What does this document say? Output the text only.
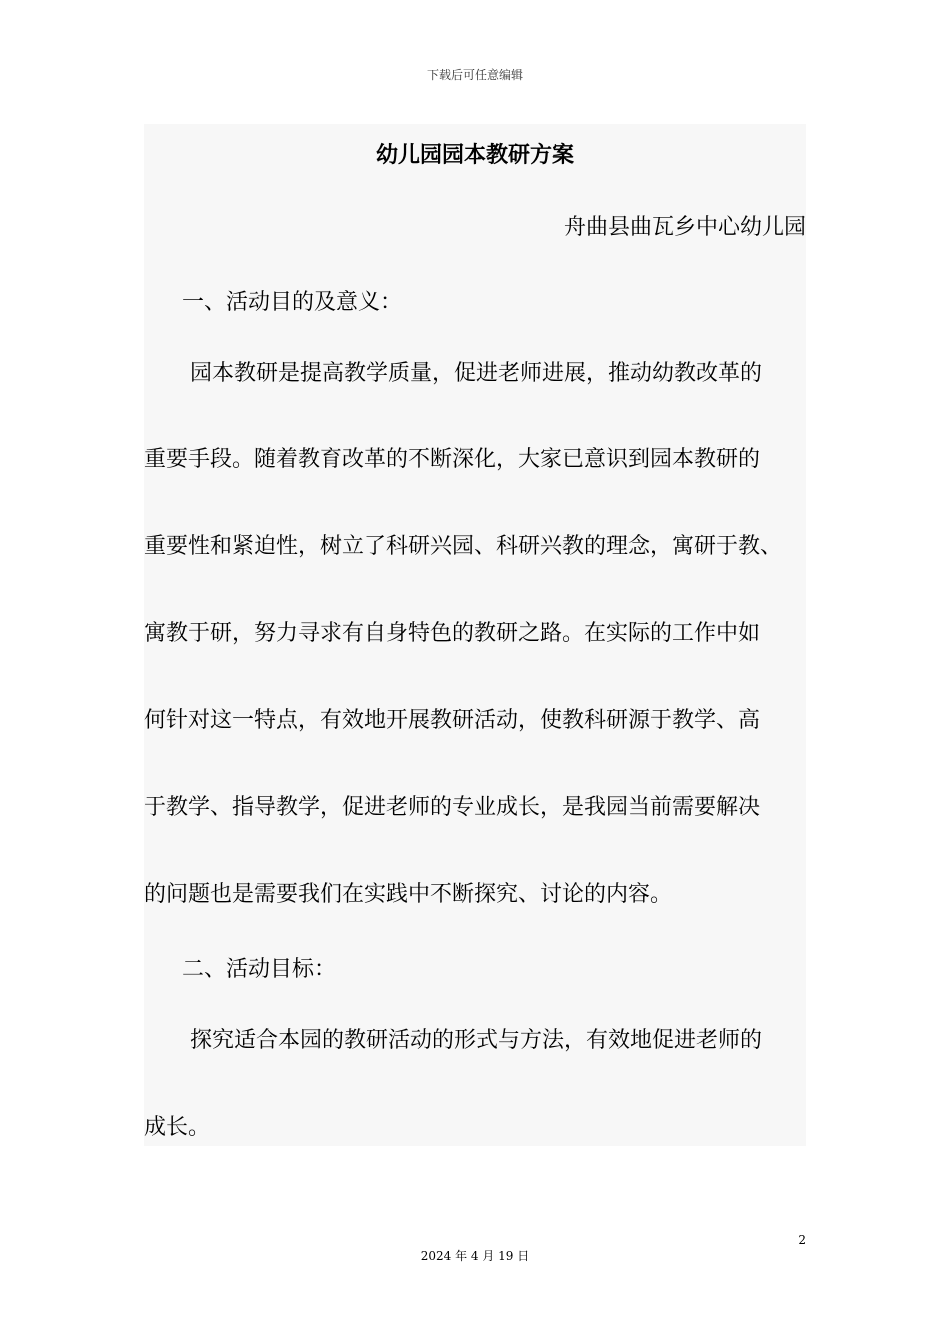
下载后可任意编辑
幼儿园园本教研方案
舟曲县曲瓦乡中心幼儿园
一、活动目的及意义：
园本教研是提高教学质量，促进老师进展，推动幼教改革的
重要手段。随着教育改革的不断深化，大家已意识到园本教研的
重要性和紧迫性，树立了科研兴园、科研兴教的理念，寓研于教、
寓教于研，努力寻求有自身特色的教研之路。在实际的工作中如
何针对这一特点，有效地开展教研活动，使教科研源于教学、高
于教学、指导教学，促进老师的专业成长，是我园当前需要解决
的问题也是需要我们在实践中不断探究、讨论的内容。
二、活动目标：
探究适合本园的教研活动的形式与方法，有效地促进老师的
成长。
2
2024 年 4 月 19 日
